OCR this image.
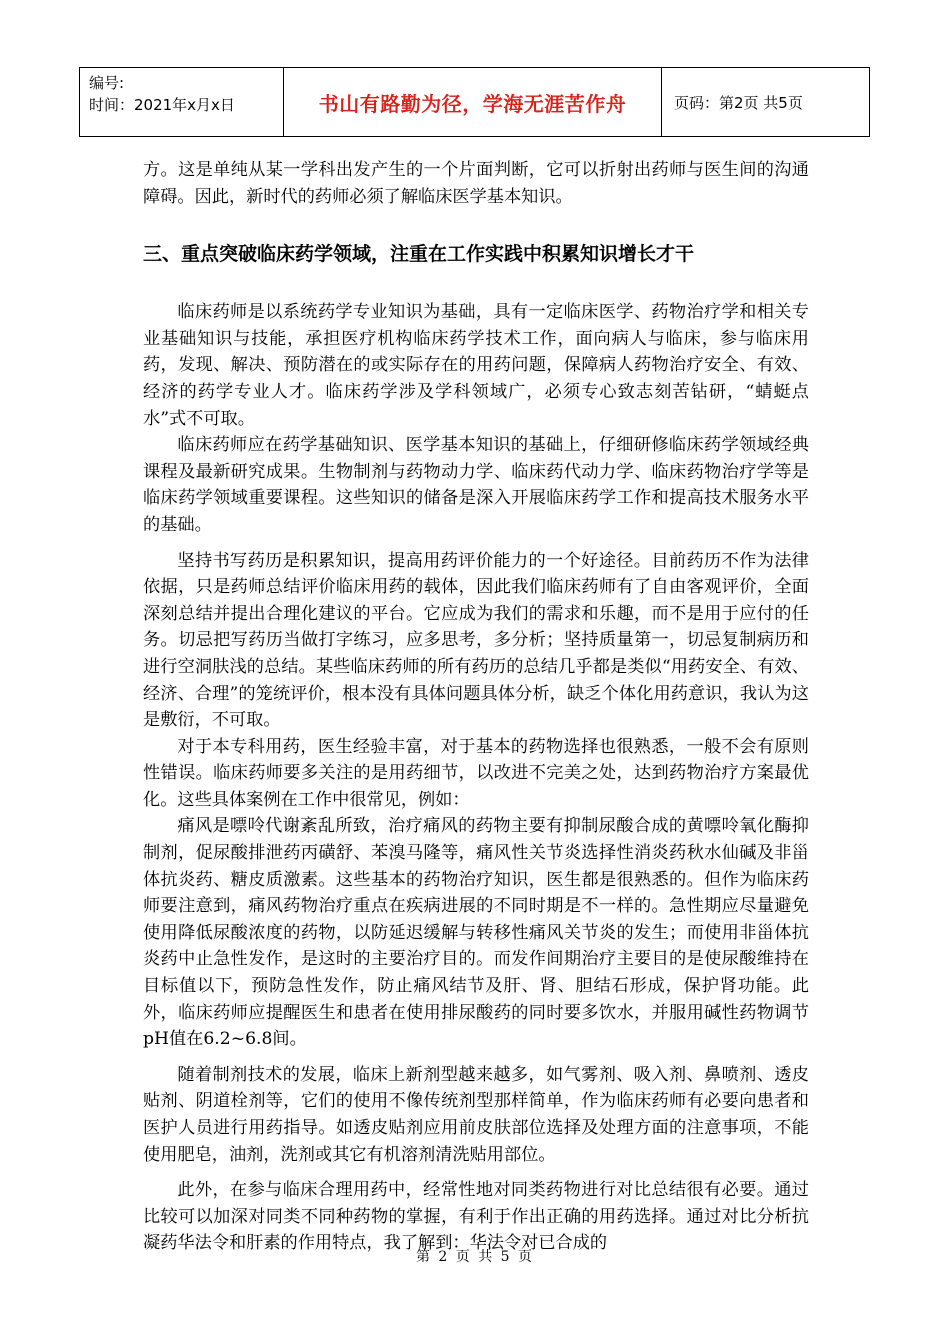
编号:
时间：2021年x月x日	书山有路勤为径，学海无涯苦作舟	页码：第2页 共5页

方。这是单纯从某一学科出发产生的一个片面判断，它可以折射出药师与医生间的沟通障碍。因此，新时代的药师必须了解临床医学基本知识。

三、重点突破临床药学领域，注重在工作实践中积累知识增长才干

临床药师是以系统药学专业知识为基础，具有一定临床医学、药物治疗学和相关专业基础知识与技能，承担医疗机构临床药学技术工作，面向病人与临床，参与临床用药，发现、解决、预防潜在的或实际存在的用药问题，保障病人药物治疗安全、有效、经济的药学专业人才。临床药学涉及学科领域广，必须专心致志刻苦钻研，“蜻蜓点水”式不可取。

临床药师应在药学基础知识、医学基本知识的基础上，仔细研修临床药学领域经典课程及最新研究成果。生物制剂与药物动力学、临床药代动力学、临床药物治疗学等是临床药学领域重要课程。这些知识的储备是深入开展临床药学工作和提高技术服务水平的基础。

坚持书写药历是积累知识，提高用药评价能力的一个好途径。目前药历不作为法律依据，只是药师总结评价临床用药的载体，因此我们临床药师有了自由客观评价，全面深刻总结并提出合理化建议的平台。它应成为我们的需求和乐趣，而不是用于应付的任务。切忌把写药历当做打字练习，应多思考，多分析；坚持质量第一，切忌复制病历和进行空洞肤浅的总结。某些临床药师的所有药历的总结几乎都是类似“用药安全、有效、经济、合理”的笼统评价，根本没有具体问题具体分析，缺乏个体化用药意识，我认为这是敷衍，不可取。

对于本专科用药，医生经验丰富，对于基本的药物选择也很熟悉，一般不会有原则性错误。临床药师要多关注的是用药细节，以改进不完美之处，达到药物治疗方案最优化。这些具体案例在工作中很常见，例如：

痛风是嘌呤代谢紊乱所致，治疗痛风的药物主要有抑制尿酸合成的黄嘌呤氧化酶抑制剂，促尿酸排泄药丙磺舒、苯溴马隆等，痛风性关节炎选择性消炎药秋水仙碱及非甾体抗炎药、糖皮质激素。这些基本的药物治疗知识，医生都是很熟悉的。但作为临床药师要注意到，痛风药物治疗重点在疾病进展的不同时期是不一样的。急性期应尽量避免使用降低尿酸浓度的药物，以防延迟缓解与转移性痛风关节炎的发生；而使用非甾体抗炎药中止急性发作，是这时的主要治疗目的。而发作间期治疗主要目的是使尿酸维持在目标值以下，预防急性发作，防止痛风结节及肝、肾、胆结石形成，保护肾功能。此外，临床药师应提醒医生和患者在使用排尿酸药的同时要多饮水，并服用碱性药物调节pH值在6.2~6.8间。

随着制剂技术的发展，临床上新剂型越来越多，如气雾剂、吸入剂、鼻喷剂、透皮贴剂、阴道栓剂等，它们的使用不像传统剂型那样简单，作为临床药师有必要向患者和医护人员进行用药指导。如透皮贴剂应用前皮肤部位选择及处理方面的注意事项，不能使用肥皂，油剂，洗剂或其它有机溶剂清洗贴用部位。

此外，在参与临床合理用药中，经常性地对同类药物进行对比总结很有必要。通过比较可以加深对同类不同种药物的掌握，有利于作出正确的用药选择。通过对比分析抗凝药华法令和肝素的作用特点，我了解到：华法令对已合成的

第 2 页 共 5 页
